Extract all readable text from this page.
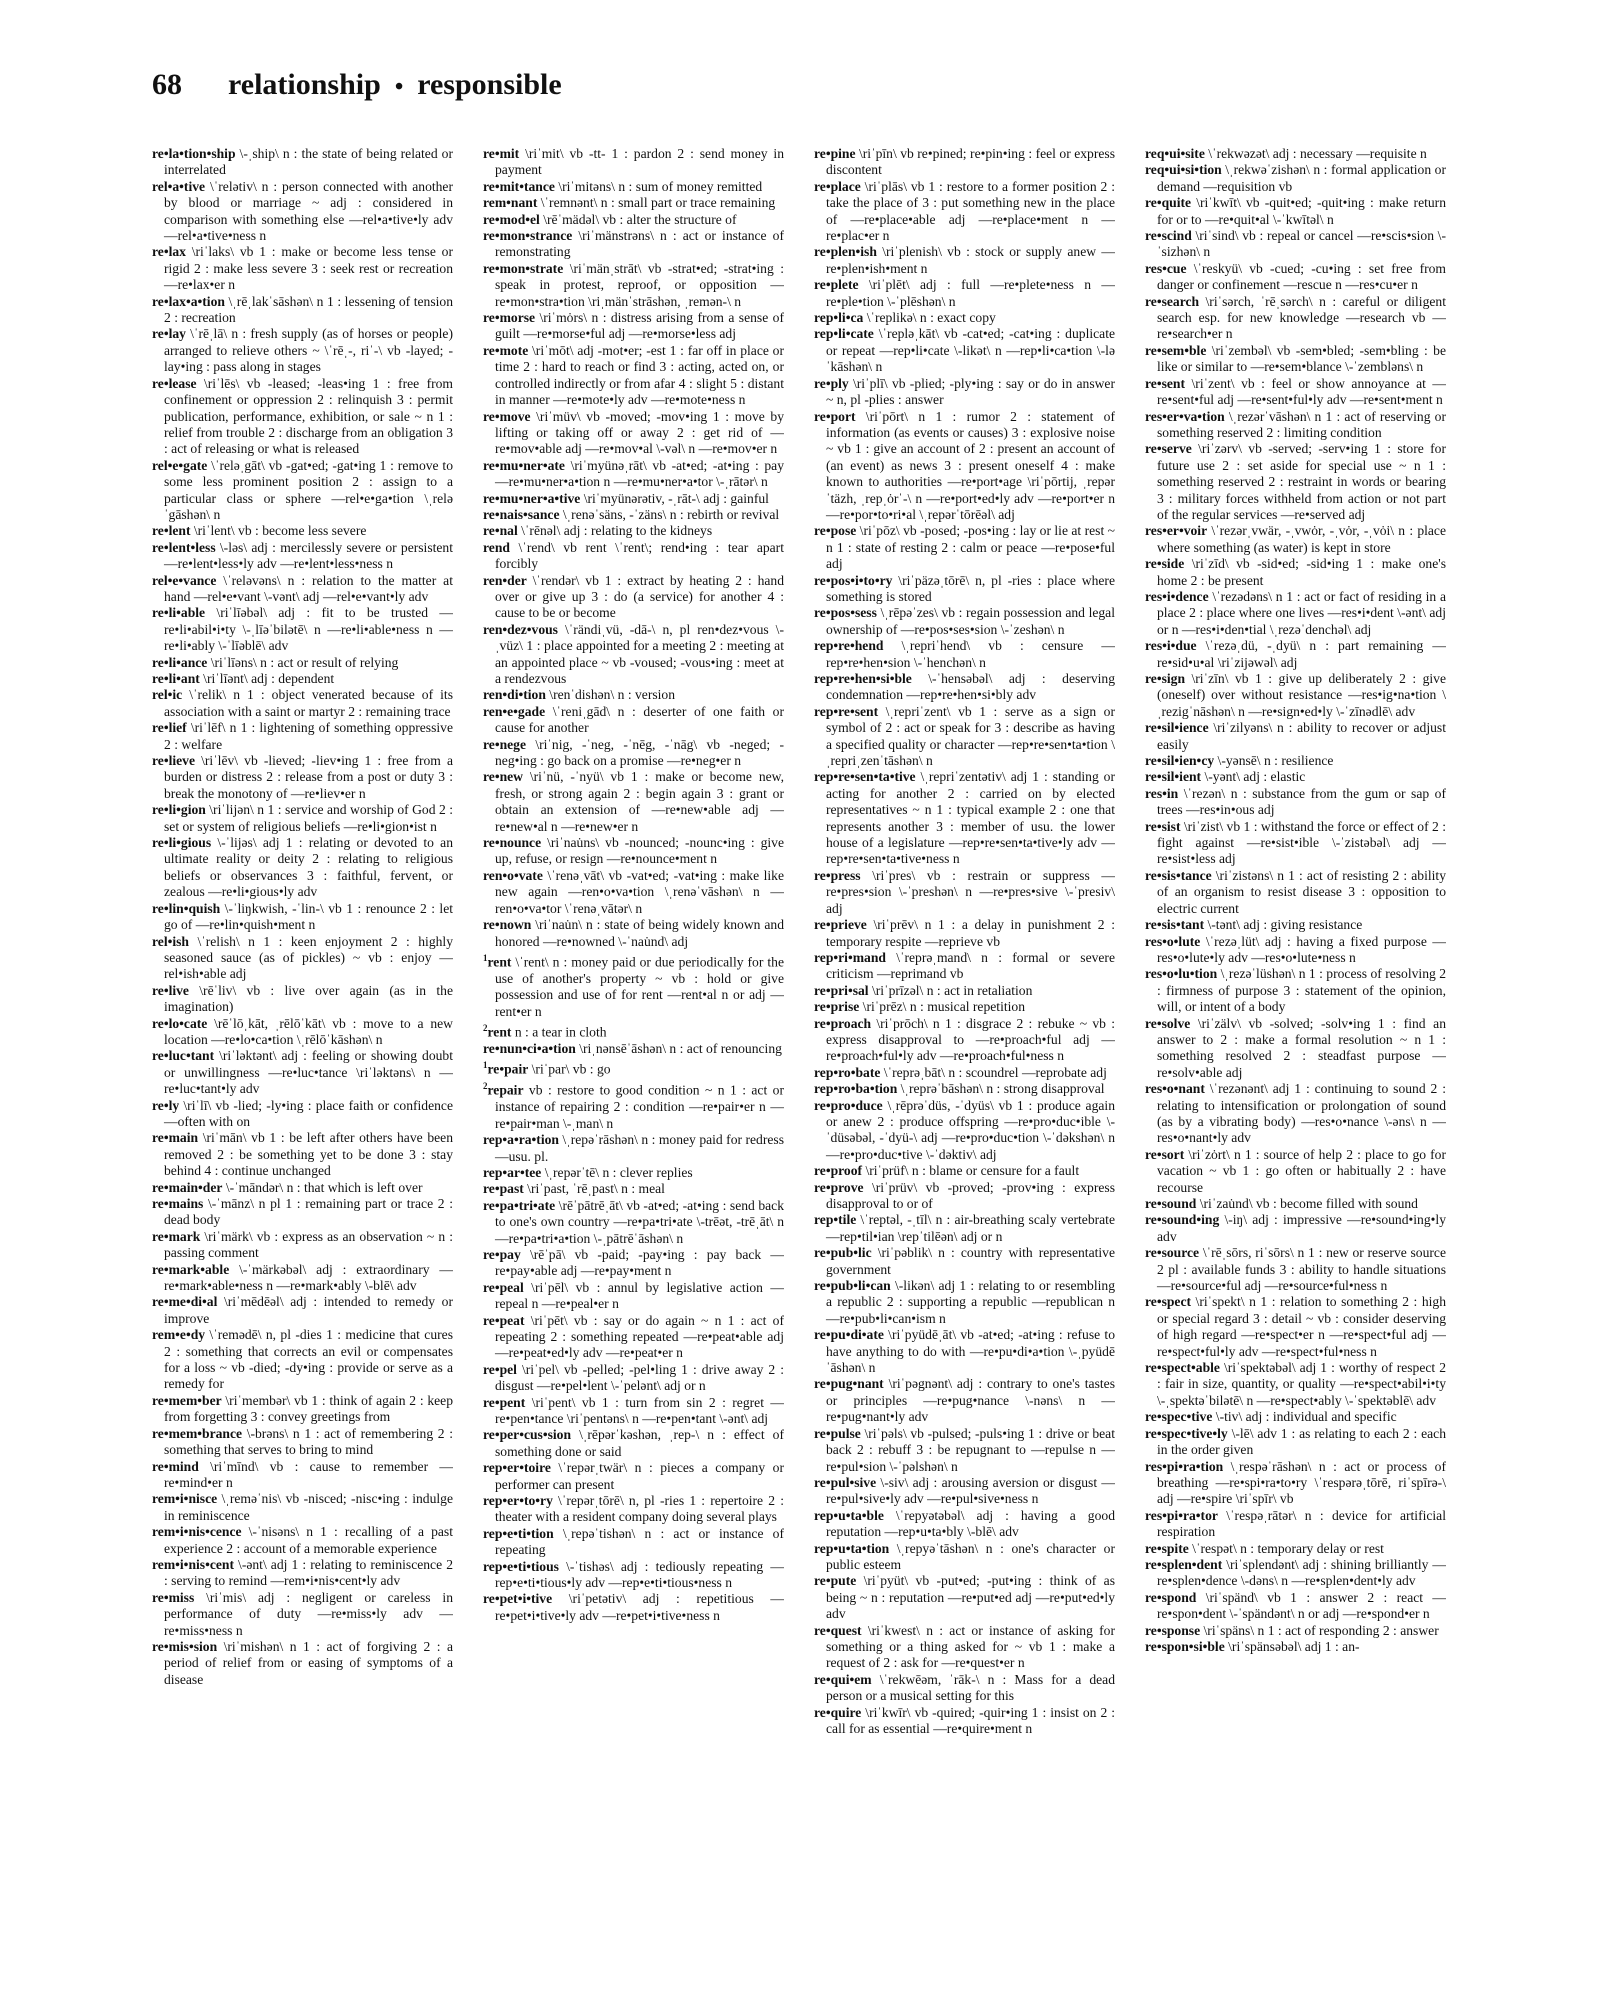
68 relationship • responsible

re•la•tion•ship \-ˌship\ n : the state of being related or interrelated

rel•a•tive \ˈrelətiv\ n : person connected with another by blood or marriage ~ adj : considered in comparison with something else —rel•a•tive•ly adv —rel•a•tive•ness n

re•lax \riˈlaks\ vb 1 : make or become less tense or rigid 2 : make less severe 3 : seek rest or recreation —re•lax•er n

re•lax•a•tion \ˌrēˌlakˈsāshən\ n 1 : lessening of tension 2 : recreation

re•lay \ˈrēˌlā\ n : fresh supply (as of horses or people) arranged to relieve others ~ \ˈrēˌ-, riˈ-\ vb -layed; -lay•ing : pass along in stages

re•lease \riˈlēs\ vb -leased; -leas•ing 1 : free from confinement or oppression 2 : relinquish 3 : permit publication, performance, exhibition, or sale ~ n 1 : relief from trouble 2 : discharge from an obligation 3 : act of releasing or what is released

rel•e•gate \ˈreləˌgāt\ vb -gat•ed; -gat•ing 1 : remove to some less prominent position 2 : assign to a particular class or sphere —rel•e•ga•tion \ˌreləˈgāshən\ n

re•lent \riˈlent\ vb : become less severe

re•lent•less \-ləs\ adj : mercilessly severe or persistent —re•lent•less•ly adv —re•lent•less•ness n

rel•e•vance \ˈreləvəns\ n : relation to the matter at hand —rel•e•vant \-vənt\ adj —rel•e•vant•ly adv

re•li•able \riˈlīəbəl\ adj : fit to be trusted —re•li•abil•i•ty \-ˌlīəˈbilətē\ n —re•li•able•ness n —re•li•ably \-ˈlīəblē\ adv

re•li•ance \riˈlīəns\ n : act or result of relying

re•li•ant \riˈlīənt\ adj : dependent

rel•ic \ˈrelik\ n 1 : object venerated because of its association with a saint or martyr 2 : remaining trace

re•lief \riˈlēf\ n 1 : lightening of something oppressive 2 : welfare

re•lieve \riˈlēv\ vb -lieved; -liev•ing 1 : free from a burden or distress 2 : release from a post or duty 3 : break the monotony of —re•liev•er n

re•li•gion \riˈlijən\ n 1 : service and worship of God 2 : set or system of religious beliefs —re•li•gion•ist n

re•li•gious \-ˈlijəs\ adj 1 : relating or devoted to an ultimate reality or deity 2 : relating to religious beliefs or observances 3 : faithful, fervent, or zealous —re•li•gious•ly adv

re•lin•quish \-ˈliŋkwish, -ˈlin-\ vb 1 : renounce 2 : let go of —re•lin•quish•ment n

rel•ish \ˈrelish\ n 1 : keen enjoyment 2 : highly seasoned sauce (as of pickles) ~ vb : enjoy —rel•ish•able adj

re•live \rēˈliv\ vb : live over again (as in the imagination)

re•lo•cate \rēˈlōˌkāt, ˌrēlōˈkāt\ vb : move to a new location —re•lo•ca•tion \ˌrēlōˈkāshən\ n

re•luc•tant \riˈləktənt\ adj : feeling or showing doubt or unwillingness —re•luc•tance \riˈləktəns\ n —re•luc•tant•ly adv

re•ly \riˈlī\ vb -lied; -ly•ing : place faith or confidence—often with on

re•main \riˈmān\ vb 1 : be left after others have been removed 2 : be something yet to be done 3 : stay behind 4 : continue unchanged

re•main•der \-ˈmāndər\ n : that which is left over

re•mains \-ˈmānz\ n pl 1 : remaining part or trace 2 : dead body

re•mark \riˈmärk\ vb : express as an observation ~ n : passing comment

re•mark•able \-ˈmärkəbəl\ adj : extraordinary —re•mark•able•ness n —re•mark•ably \-blē\ adv

re•me•di•al \riˈmēdēəl\ adj : intended to remedy or improve

rem•e•dy \ˈremədē\ n, pl -dies 1 : medicine that cures 2 : something that corrects an evil or compensates for a loss ~ vb -died; -dy•ing : provide or serve as a remedy for

re•mem•ber \riˈmembər\ vb 1 : think of again 2 : keep from forgetting 3 : convey greetings from

re•mem•brance \-brəns\ n 1 : act of remembering 2 : something that serves to bring to mind

re•mind \riˈmīnd\ vb : cause to remember —re•mind•er n

rem•i•nisce \ˌreməˈnis\ vb -nisced; -nisc•ing : indulge in reminiscence

rem•i•nis•cence \-ˈnisəns\ n 1 : recalling of a past experience 2 : account of a memorable experience

rem•i•nis•cent \-ənt\ adj 1 : relating to reminiscence 2 : serving to remind —rem•i•nis•cent•ly adv

re•miss \riˈmis\ adj : negligent or careless in performance of duty —re•miss•ly adv —re•miss•ness n

re•mis•sion \riˈmishən\ n 1 : act of forgiving 2 : a period of relief from or easing of symptoms of a disease

re•mit \riˈmit\ vb -tt- 1 : pardon 2 : send money in payment

re•mit•tance \riˈmitəns\ n : sum of money remitted

rem•nant \ˈremnənt\ n : small part or trace remaining

re•mod•el \rēˈmädəl\ vb : alter the structure of

re•mon•strance \riˈmänstrəns\ n : act or instance of remonstrating

re•mon•strate \riˈmänˌstrāt\ vb -strat•ed; -strat•ing : speak in protest, reproof, or opposition —re•mon•stra•tion \riˌmänˈstrāshən, ˌremən-\ n

re•morse \riˈmȯrs\ n : distress arising from a sense of guilt —re•morse•ful adj —re•morse•less adj

re•mote \riˈmōt\ adj -mot•er; -est 1 : far off in place or time 2 : hard to reach or find 3 : acting, acted on, or controlled indirectly or from afar 4 : slight 5 : distant in manner —re•mote•ly adv —re•mote•ness n

re•move \riˈmüv\ vb -moved; -mov•ing 1 : move by lifting or taking off or away 2 : get rid of —re•mov•able adj —re•mov•al \-vəl\ n —re•mov•er n

re•mu•ner•ate \riˈmyünəˌrāt\ vb -at•ed; -at•ing : pay —re•mu•ner•a•tion n —re•mu•ner•a•tor \-ˌrātər\ n

re•mu•ner•a•tive \riˈmyünərətiv, -ˌrāt-\ adj : gainful

re•nais•sance \ˌrenəˈsäns, -ˈzäns\ n : rebirth or revival

re•nal \ˈrēnəl\ adj : relating to the kidneys

rend \ˈrend\ vb rent \ˈrent\; rend•ing : tear apart forcibly

ren•der \ˈrendər\ vb 1 : extract by heating 2 : hand over or give up 3 : do (a service) for another 4 : cause to be or become

ren•dez•vous \ˈrändiˌvü, -dā-\ n, pl ren•dez•vous \-ˌvüz\ 1 : place appointed for a meeting 2 : meeting at an appointed place ~ vb -voused; -vous•ing : meet at a rendezvous

ren•di•tion \renˈdishən\ n : version

ren•e•gade \ˈreniˌgād\ n : deserter of one faith or cause for another

re•nege \riˈnig, -ˈneg, -ˈnēg, -ˈnāg\ vb -neged; -neg•ing : go back on a promise —re•neg•er n

re•new \riˈnü, -ˈnyü\ vb 1 : make or become new, fresh, or strong again 2 : begin again 3 : grant or obtain an extension of —re•new•able adj —re•new•al n —re•new•er n

re•nounce \riˈnau̇ns\ vb -nounced; -nounc•ing : give up, refuse, or resign —re•nounce•ment n

ren•o•vate \ˈrenəˌvāt\ vb -vat•ed; -vat•ing : make like new again —ren•o•va•tion \ˌrenəˈvāshən\ n —ren•o•va•tor \ˈrenəˌvātər\ n

re•nown \riˈnau̇n\ n : state of being widely known and honored —re•nowned \-ˈnau̇nd\ adj

$^1$rent \ˈrent\ n : money paid or due periodically for the use of another's property ~ vb : hold or give possession and use of for rent —rent•al n or adj — rent•er n

$^2$rent n : a tear in cloth

re•nun•ci•a•tion \riˌnənsēˈāshən\ n : act of renouncing

$^1$re•pair \riˈpar\ vb : go

$^2$repair vb : restore to good condition ~ n 1 : act or instance of repairing 2 : condition —re•pair•er n —re•pair•man \-ˌman\ n

rep•a•ra•tion \ˌrepəˈrāshən\ n : money paid for redress—usu. pl.

rep•ar•tee \ˌrepərˈtē\ n : clever replies

re•past \riˈpast, ˈrēˌpast\ n : meal

re•pa•tri•ate \rēˈpātrēˌāt\ vb -at•ed; -at•ing : send back to one's own country —re•pa•tri•ate \-trēət, -trēˌāt\ n —re•pa•tri•a•tion \-ˌpātrēˈāshən\ n

re•pay \rēˈpā\ vb -paid; -pay•ing : pay back —re•pay•able adj —re•pay•ment n

re•peal \riˈpēl\ vb : annul by legislative action —repeal n —re•peal•er n

re•peat \riˈpēt\ vb : say or do again ~ n 1 : act of repeating 2 : something repeated —re•peat•able adj —re•peat•ed•ly adv —re•peat•er n

re•pel \riˈpel\ vb -pelled; -pel•ling 1 : drive away 2 : disgust —re•pel•lent \-ˈpelənt\ adj or n

re•pent \riˈpent\ vb 1 : turn from sin 2 : regret —re•pen•tance \riˈpentəns\ n —re•pen•tant \-ənt\ adj

re•per•cus•sion \ˌrēpərˈkəshən, ˌrep-\ n : effect of something done or said

rep•er•toire \ˈrepərˌtwär\ n : pieces a company or performer can present

rep•er•to•ry \ˈrepərˌtōrē\ n, pl -ries 1 : repertoire 2 : theater with a resident company doing several plays

rep•e•ti•tion \ˌrepəˈtishən\ n : act or instance of repeating

rep•e•ti•tious \-ˈtishəs\ adj : tediously repeating —rep•e•ti•tious•ly adv —rep•e•ti•tious•ness n

re•pet•i•tive \riˈpetətiv\ adj : repetitious —re•pet•i•tive•ly adv —re•pet•i•tive•ness n

re•pine \riˈpīn\ vb re•pined; re•pin•ing : feel or express discontent

re•place \riˈplās\ vb 1 : restore to a former position 2 : take the place of 3 : put something new in the place of —re•place•able adj —re•place•ment n —re•plac•er n

re•plen•ish \riˈplenish\ vb : stock or supply anew —re•plen•ish•ment n

re•plete \riˈplēt\ adj : full —re•plete•ness n —re•ple•tion \-ˈplēshən\ n

rep•li•ca \ˈreplikə\ n : exact copy

rep•li•cate \ˈrepləˌkāt\ vb -cat•ed; -cat•ing : duplicate or repeat —rep•li•cate \-likət\ n —rep•li•ca•tion \-ləˈkāshən\ n

re•ply \riˈplī\ vb -plied; -ply•ing : say or do in answer ~ n, pl -plies : answer

re•port \riˈpōrt\ n 1 : rumor 2 : statement of information (as events or causes) 3 : explosive noise ~ vb 1 : give an account of 2 : present an account of (an event) as news 3 : present oneself 4 : make known to authorities —re•port•age \riˈpōrtij, ˌrepərˈtäzh, ˌrepˌȯrˈ-\ n —re•port•ed•ly adv —re•port•er n —re•por•to•ri•al \ˌrepərˈtōrēəl\ adj

re•pose \riˈpōz\ vb -posed; -pos•ing : lay or lie at rest ~ n 1 : state of resting 2 : calm or peace —re•pose•ful adj

re•pos•i•to•ry \riˈpäzəˌtōrē\ n, pl -ries : place where something is stored

re•pos•sess \ˌrēpəˈzes\ vb : regain possession and legal ownership of —re•pos•ses•sion \-ˈzeshən\ n

rep•re•hend \ˌrepriˈhend\ vb : censure —rep•re•hen•sion \-ˈhenchən\ n

rep•re•hen•si•ble \-ˈhensəbəl\ adj : deserving condemnation —rep•re•hen•si•bly adv

rep•re•sent \ˌrepriˈzent\ vb 1 : serve as a sign or symbol of 2 : act or speak for 3 : describe as having a specified quality or character —rep•re•sen•ta•tion \ˌrepriˌzenˈtāshən\ n

rep•re•sen•ta•tive \ˌrepriˈzentətiv\ adj 1 : standing or acting for another 2 : carried on by elected representatives ~ n 1 : typical example 2 : one that represents another 3 : member of usu. the lower house of a legislature —rep•re•sen•ta•tive•ly adv —rep•re•sen•ta•tive•ness n

re•press \riˈpres\ vb : restrain or suppress —re•pres•sion \-ˈpreshən\ n —re•pres•sive \-ˈpresiv\ adj

re•prieve \riˈprēv\ n 1 : a delay in punishment 2 : temporary respite —reprieve vb

rep•ri•mand \ˈreprəˌmand\ n : formal or severe criticism —reprimand vb

re•pri•sal \riˈprīzəl\ n : act in retaliation

re•prise \riˈprēz\ n : musical repetition

re•proach \riˈprōch\ n 1 : disgrace 2 : rebuke ~ vb : express disapproval to —re•proach•ful adj —re•proach•ful•ly adv —re•proach•ful•ness n

rep•ro•bate \ˈreprəˌbāt\ n : scoundrel —reprobate adj

rep•ro•ba•tion \ˌreprəˈbāshən\ n : strong disapproval

re•pro•duce \ˌrēprəˈdüs, -ˈdyüs\ vb 1 : produce again or anew 2 : produce offspring —re•pro•duc•ible \-ˈdüsəbəl, -ˈdyü-\ adj —re•pro•duc•tion \-ˈdəkshən\ n —re•pro•duc•tive \-ˈdəktiv\ adj

re•proof \riˈprüf\ n : blame or censure for a fault

re•prove \riˈprüv\ vb -proved; -prov•ing : express disapproval to or of

rep•tile \ˈreptəl, -ˌtīl\ n : air-breathing scaly vertebrate —rep•til•ian \repˈtilēən\ adj or n

re•pub•lic \riˈpəblik\ n : country with representative government

re•pub•li•can \-likən\ adj 1 : relating to or resembling a republic 2 : supporting a republic —republican n —re•pub•li•can•ism n

re•pu•di•ate \riˈpyüdēˌāt\ vb -at•ed; -at•ing : refuse to have anything to do with —re•pu•di•a•tion \-ˌpyüdēˈāshən\ n

re•pug•nant \riˈpəgnənt\ adj : contrary to one's tastes or principles —re•pug•nance \-nəns\ n —re•pug•nant•ly adv

re•pulse \riˈpəls\ vb -pulsed; -puls•ing 1 : drive or beat back 2 : rebuff 3 : be repugnant to —repulse n —re•pul•sion \-ˈpəlshən\ n

re•pul•sive \-siv\ adj : arousing aversion or disgust —re•pul•sive•ly adv —re•pul•sive•ness n

rep•u•ta•ble \ˈrepyətəbəl\ adj : having a good reputation —rep•u•ta•bly \-blē\ adv

rep•u•ta•tion \ˌrepyəˈtāshən\ n : one's character or public esteem

re•pute \riˈpyüt\ vb -put•ed; -put•ing : think of as being ~ n : reputation —re•put•ed adj —re•put•ed•ly adv

re•quest \riˈkwest\ n : act or instance of asking for something or a thing asked for ~ vb 1 : make a request of 2 : ask for —re•quest•er n

re•qui•em \ˈrekwēəm, ˈrāk-\ n : Mass for a dead person or a musical setting for this

re•quire \riˈkwīr\ vb -quired; -quir•ing 1 : insist on 2 : call for as essential —re•quire•ment n

req•ui•site \ˈrekwəzət\ adj : necessary —requisite n

req•ui•si•tion \ˌrekwəˈzishən\ n : formal application or demand —requisition vb

re•quite \riˈkwīt\ vb -quit•ed; -quit•ing : make return for or to —re•quit•al \-ˈkwītəl\ n

re•scind \riˈsind\ vb : repeal or cancel —re•scis•sion \-ˈsizhən\ n

res•cue \ˈreskyü\ vb -cued; -cu•ing : set free from danger or confinement —rescue n —res•cu•er n

re•search \riˈsərch, ˈrēˌsərch\ n : careful or diligent search esp. for new knowledge —research vb —re•search•er n

re•sem•ble \riˈzembəl\ vb -sem•bled; -sem•bling : be like or similar to —re•sem•blance \-ˈzembləns\ n

re•sent \riˈzent\ vb : feel or show annoyance at —re•sent•ful adj —re•sent•ful•ly adv —re•sent•ment n

res•er•va•tion \ˌrezərˈvāshən\ n 1 : act of reserving or something reserved 2 : limiting condition

re•serve \riˈzərv\ vb -served; -serv•ing 1 : store for future use 2 : set aside for special use ~ n 1 : something reserved 2 : restraint in words or bearing 3 : military forces withheld from action or not part of the regular services —re•served adj

res•er•voir \ˈrezərˌvwär, -ˌvwȯr, -ˌvȯr, -ˌvȯi\ n : place where something (as water) is kept in store

re•side \riˈzīd\ vb -sid•ed; -sid•ing 1 : make one's home 2 : be present

res•i•dence \ˈrezədəns\ n 1 : act or fact of residing in a place 2 : place where one lives —res•i•dent \-ənt\ adj or n —res•i•den•tial \ˌrezəˈdenchəl\ adj

res•i•due \ˈrezəˌdü, -ˌdyü\ n : part remaining —re•sid•u•al \riˈzijəwəl\ adj

re•sign \riˈzīn\ vb 1 : give up deliberately 2 : give (oneself) over without resistance —res•ig•na•tion \ˌrezigˈnāshən\ n —re•sign•ed•ly \-ˈzīnədlē\ adv

re•sil•ience \riˈzilyəns\ n : ability to recover or adjust easily

re•sil•ien•cy \-yənsē\ n : resilience

re•sil•ient \-yənt\ adj : elastic

res•in \ˈrezən\ n : substance from the gum or sap of trees —res•in•ous adj

re•sist \riˈzist\ vb 1 : withstand the force or effect of 2 : fight against —re•sist•ible \-ˈzistəbəl\ adj —re•sist•less adj

re•sis•tance \riˈzistəns\ n 1 : act of resisting 2 : ability of an organism to resist disease 3 : opposition to electric current

re•sis•tant \-tənt\ adj : giving resistance

res•o•lute \ˈrezəˌlüt\ adj : having a fixed purpose —res•o•lute•ly adv —res•o•lute•ness n

res•o•lu•tion \ˌrezəˈlüshən\ n 1 : process of resolving 2 : firmness of purpose 3 : statement of the opinion, will, or intent of a body

re•solve \riˈzälv\ vb -solved; -solv•ing 1 : find an answer to 2 : make a formal resolution ~ n 1 : something resolved 2 : steadfast purpose —re•solv•able adj

res•o•nant \ˈrezənənt\ adj 1 : continuing to sound 2 : relating to intensification or prolongation of sound (as by a vibrating body) —res•o•nance \-əns\ n —res•o•nant•ly adv

re•sort \riˈzȯrt\ n 1 : source of help 2 : place to go for vacation ~ vb 1 : go often or habitually 2 : have recourse

re•sound \riˈzau̇nd\ vb : become filled with sound

re•sound•ing \-iŋ\ adj : impressive —re•sound•ing•ly adv

re•source \ˈrēˌsōrs, riˈsōrs\ n 1 : new or reserve source 2 pl : available funds 3 : ability to handle situations —re•source•ful adj —re•source•ful•ness n

re•spect \riˈspekt\ n 1 : relation to something 2 : high or special regard 3 : detail ~ vb : consider deserving of high regard —re•spect•er n —re•spect•ful adj —re•spect•ful•ly adv —re•spect•ful•ness n

re•spect•able \riˈspektəbəl\ adj 1 : worthy of respect 2 : fair in size, quantity, or quality —re•spect•abil•i•ty \-ˌspektəˈbilətē\ n —re•spect•ably \-ˈspektəblē\ adv

re•spec•tive \-tiv\ adj : individual and specific

re•spec•tive•ly \-lē\ adv 1 : as relating to each 2 : each in the order given

res•pi•ra•tion \ˌrespəˈrāshən\ n : act or process of breathing —re•spi•ra•to•ry \ˈrespərəˌtōrē, riˈspīrə-\ adj —re•spire \riˈspīr\ vb

res•pi•ra•tor \ˈrespəˌrātər\ n : device for artificial respiration

re•spite \ˈrespət\ n : temporary delay or rest

re•splen•dent \riˈsplendənt\ adj : shining brilliantly —re•splen•dence \-dəns\ n —re•splen•dent•ly adv

re•spond \riˈspänd\ vb 1 : answer 2 : react —re•spon•dent \-ˈspändənt\ n or adj —re•spond•er n

re•sponse \riˈspäns\ n 1 : act of responding 2 : answer

re•spon•si•ble \riˈspänsəbəl\ adj 1 : an-
